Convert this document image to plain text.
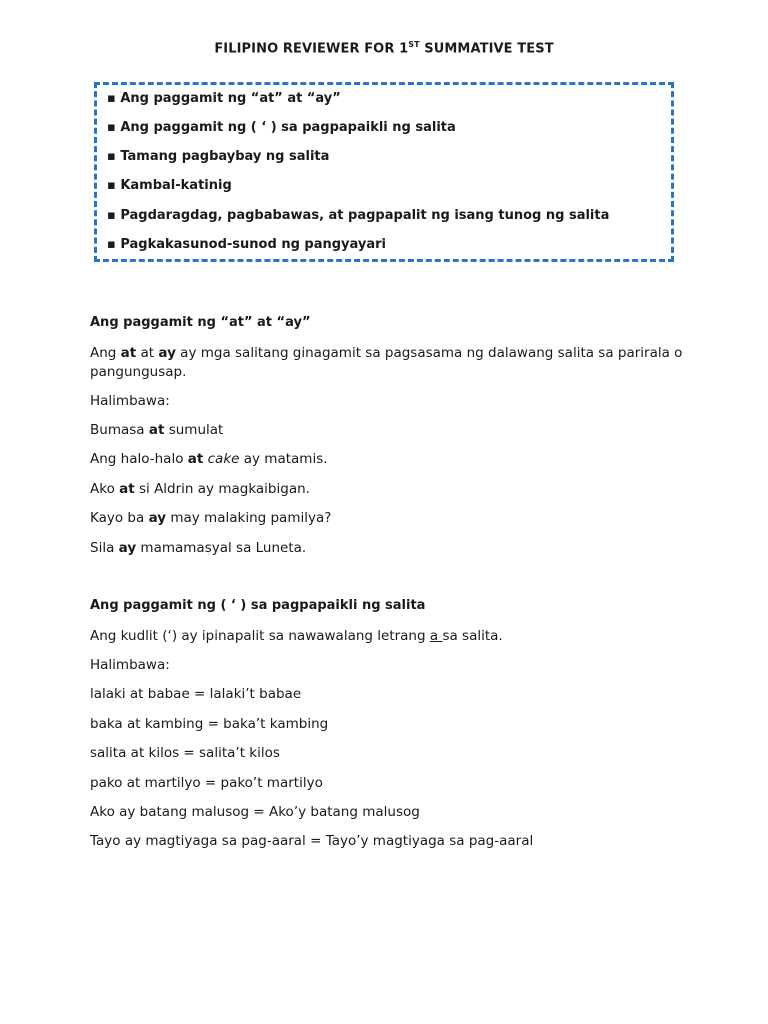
FILIPINO REVIEWER FOR 1ST SUMMATIVE TEST
▪ Ang paggamit ng “at” at “ay”
▪ Ang paggamit ng ( ‘ ) sa pagpapaikli ng salita
▪ Tamang pagbaybay ng salita
▪ Kambal-katinig
▪ Pagdaragdag, pagbabawas, at pagpapalit ng isang tunog ng salita
▪ Pagkakasunod-sunod ng pangyayari
Ang paggamit ng “at” at “ay”
Ang at at ay ay mga salitang ginagamit sa pagsasama ng dalawang salita sa parirala o pangungusap.
Halimbawa:
Bumasa at sumulat
Ang halo-halo at cake ay matamis.
Ako at si Aldrin ay magkaibigan.
Kayo ba ay may malaking pamilya?
Sila ay mamamasyal sa Luneta.
Ang paggamit ng ( ‘ ) sa pagpapaikli ng salita
Ang kudlit (‘) ay ipinapalit sa nawawalang letrang a sa salita.
Halimbawa:
lalaki at babae = lalaki’t babae
baka at kambing = baka’t kambing
salita at kilos = salita’t kilos
pako at martilyo = pako’t martilyo
Ako ay batang malusog = Ako’y batang malusog
Tayo ay magtiyaga sa pag-aaral = Tayo’y magtiyaga sa pag-aaral
